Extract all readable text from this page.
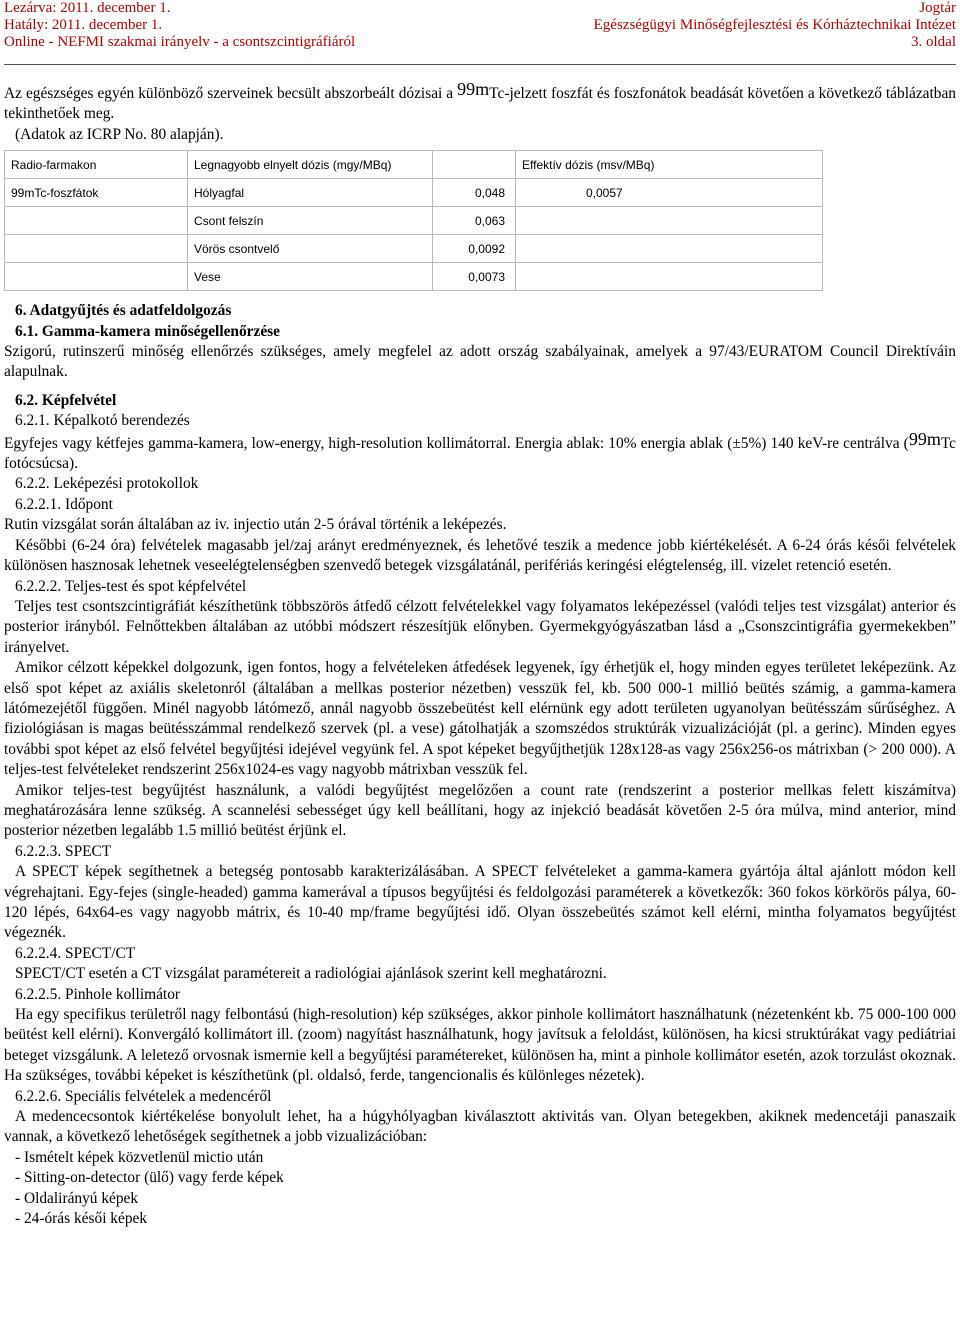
Lezárva: 2011. december 1.
Hatály: 2011. december 1.
Online - NEFMI szakmai irányelv - a csontszcintigráfiáról
Jogtár
Egészségügyi Minőségfejlesztési és Kórháztechnikai Intézet
3. oldal

Az egészséges egyén különböző szerveinek becsült abszorbeált dózisai a 99mTc-jelzett foszfát és foszfonátok beadását követően a következő táblázatban tekinthetőek meg.

(Adatok az ICRP No. 80 alapján).

Radio-farmakon	Legnagyobb elnyelt dózis (mgy/MBq)		Effektív dózis (msv/MBq)
99mTc-foszfátok	Hólyagfal	0,048	0,0057
	Csont felszín	0,063	
	Vörös csontvelő	0,0092	
	Vese	0,0073	

6. Adatgyűjtés és adatfeldolgozás

6.1. Gamma-kamera minőségellenőrzése

Szigorú, rutinszerű minőség ellenőrzés szükséges, amely megfelel az adott ország szabályainak, amelyek a 97/43/EURATOM Council Direktíváin alapulnak.

6.2. Képfelvétel

6.2.1. Képalkotó berendezés

Egyfejes vagy kétfejes gamma-kamera, low-energy, high-resolution kollimátorral. Energia ablak: 10% energia ablak (±5%) 140 keV-re centrálva (99mTc fotócsúcsa).

6.2.2. Leképezési protokollok

6.2.2.1. Időpont

Rutin vizsgálat során általában az iv. injectio után 2-5 órával történik a leképezés.

Későbbi (6-24 óra) felvételek magasabb jel/zaj arányt eredményeznek, és lehetővé teszik a medence jobb kiértékelését. A 6-24 órás késői felvételek különösen hasznosak lehetnek veseelégtelenségben szenvedő betegek vizsgálatánál, perifériás keringési elégtelenség, ill. vizelet retenció esetén.

6.2.2.2. Teljes-test és spot képfelvétel

Teljes test csontszcintigráfiát készíthetünk többszörös átfedő célzott felvételekkel vagy folyamatos leképezéssel (valódi teljes test vizsgálat) anterior és posterior irányból. Felnőttekben általában az utóbbi módszert részesítjük előnyben. Gyermekgyógyászatban lásd a „Csonszcintigráfia gyermekekben” irányelvet.

Amikor célzott képekkel dolgozunk, igen fontos, hogy a felvételeken átfedések legyenek, így érhetjük el, hogy minden egyes területet leképezünk. Az első spot képet az axiális skeletonról (általában a mellkas posterior nézetben) vesszük fel, kb. 500 000-1 millió beütés számig, a gamma-kamera látómezejétől függően. Minél nagyobb látómező, annál nagyobb összebeütést kell elérnünk egy adott területen ugyanolyan beütésszám sűrűséghez. A fiziológiásan is magas beütésszámmal rendelkező szervek (pl. a vese) gátolhatják a szomszédos struktúrák vizualizációját (pl. a gerinc). Minden egyes további spot képet az első felvétel begyűjtési idejével vegyünk fel. A spot képeket begyűjthetjük 128x128-as vagy 256x256-os mátrixban (> 200 000). A teljes-test felvételeket rendszerint 256x1024-es vagy nagyobb mátrixban vesszük fel.

Amikor teljes-test begyűjtést használunk, a valódi begyűjtést megelőzően a count rate (rendszerint a posterior mellkas felett kiszámítva) meghatározására lenne szükség. A scannelési sebességet úgy kell beállítani, hogy az injekció beadását követően 2-5 óra múlva, mind anterior, mind posterior nézetben legalább 1.5 millió beütést érjünk el.

6.2.2.3. SPECT

A SPECT képek segíthetnek a betegség pontosabb karakterizálásában. A SPECT felvételeket a gamma-kamera gyártója által ajánlott módon kell végrehajtani. Egy-fejes (single-headed) gamma kamerával a típusos begyűjtési és feldolgozási paraméterek a következők: 360 fokos körkörös pálya, 60-120 lépés, 64x64-es vagy nagyobb mátrix, és 10-40 mp/frame begyűjtési idő. Olyan összebeütés számot kell elérni, mintha folyamatos begyűjtést végeznék.

6.2.2.4. SPECT/CT

SPECT/CT esetén a CT vizsgálat paramétereit a radiológiai ajánlások szerint kell meghatározni.

6.2.2.5. Pinhole kollimátor

Ha egy specifikus területről nagy felbontású (high-resolution) kép szükséges, akkor pinhole kollimátort használhatunk (nézetenként kb. 75 000-100 000 beütést kell elérni). Konvergáló kollimátort ill. (zoom) nagyítást használhatunk, hogy javítsuk a feloldást, különösen, ha kicsi struktúrákat vagy pediátriai beteget vizsgálunk. A leletező orvosnak ismernie kell a begyűjtési paramétereket, különösen ha, mint a pinhole kollimátor esetén, azok torzulást okoznak. Ha szükséges, további képeket is készíthetünk (pl. oldalsó, ferde, tangencionalis és különleges nézetek).

6.2.2.6. Speciális felvételek a medencéről

A medencecsontok kiértékelése bonyolult lehet, ha a húgyhólyagban kiválasztott aktivitás van. Olyan betegekben, akiknek medencetáji panaszaik vannak, a következő lehetőségek segíthetnek a jobb vizualizációban:

- Ismételt képek közvetlenül mictio után

- Sitting-on-detector (ülő) vagy ferde képek

- Oldalirányú képek

- 24-órás késői képek
